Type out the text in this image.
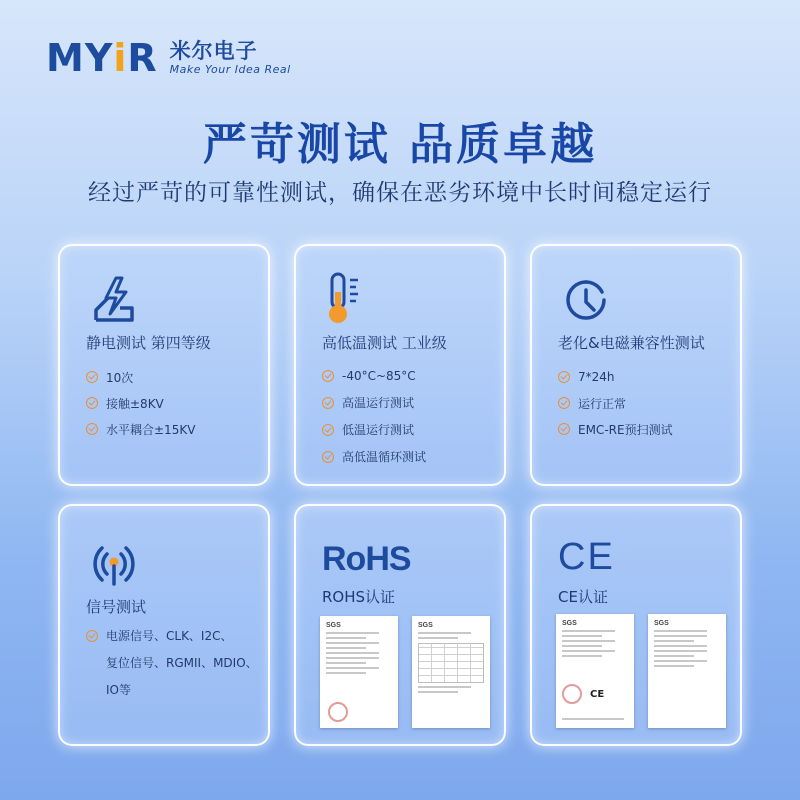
MYiR 米尔电子
Make Your Idea Real
严苛测试 品质卓越
经过严苛的可靠性测试，确保在恶劣环境中长时间稳定运行
静电测试 第四等级
10次
接触±8KV
水平耦合±15KV
高低温测试 工业级
-40°C~85°C
高温运行测试
低温运行测试
高低温循环测试
老化&电磁兼容性测试
7*24h
运行正常
EMC-RE预扫测试
信号测试
电源信号、CLK、I2C、
复位信号、RGMII、MDIO、
IO等
RoHS
ROHS认证
SGS	SGS
CE
CE认证
SGS
CE
SGS
